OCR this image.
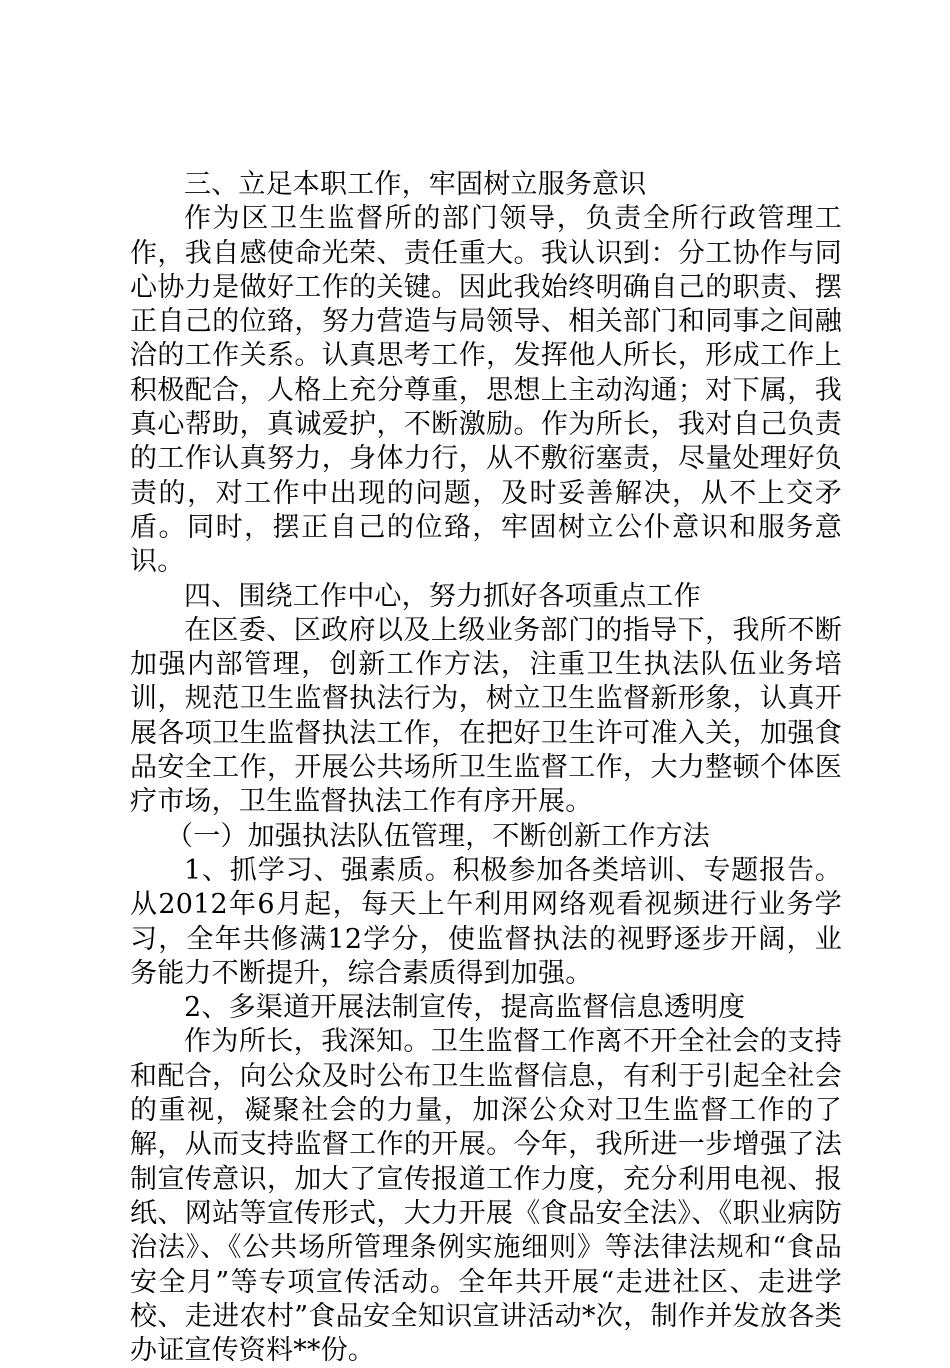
三、立足本职工作，牢固树立服务意识

作为区卫生监督所的部门领导，负责全所行政管理工作，我自感使命光荣、责任重大。我认识到：分工协作与同心协力是做好工作的关键。因此我始终明确自己的职责、摆正自己的位臵，努力营造与局领导、相关部门和同事之间融洽的工作关系。认真思考工作，发挥他人所长，形成工作上积极配合，人格上充分尊重，思想上主动沟通；对下属，我真心帮助，真诚爱护，不断激励。作为所长，我对自己负责的工作认真努力，身体力行，从不敷衍塞责，尽量处理好负责的，对工作中出现的问题，及时妥善解决，从不上交矛盾。同时，摆正自己的位臵，牢固树立公仆意识和服务意识。

四、围绕工作中心，努力抓好各项重点工作

在区委、区政府以及上级业务部门的指导下，我所不断加强内部管理，创新工作方法，注重卫生执法队伍业务培训，规范卫生监督执法行为，树立卫生监督新形象，认真开展各项卫生监督执法工作，在把好卫生许可准入关，加强食品安全工作，开展公共场所卫生监督工作，大力整顿个体医疗市场，卫生监督执法工作有序开展。

（一）加强执法队伍管理，不断创新工作方法

1、抓学习、强素质。积极参加各类培训、专题报告。从2012年6月起，每天上午利用网络观看视频进行业务学习，全年共修满12学分，使监督执法的视野逐步开阔，业务能力不断提升，综合素质得到加强。

2、多渠道开展法制宣传，提高监督信息透明度

作为所长，我深知。卫生监督工作离不开全社会的支持和配合，向公众及时公布卫生监督信息，有利于引起全社会的重视，凝聚社会的力量，加深公众对卫生监督工作的了解，从而支持监督工作的开展。今年，我所进一步增强了法制宣传意识，加大了宣传报道工作力度，充分利用电视、报纸、网站等宣传形式，大力开展《食品安全法》、《职业病防治法》、《公共场所管理条例实施细则》等法律法规和“食品安全月”等专项宣传活动。全年共开展“走进社区、走进学校、走进农村”食品安全知识宣讲活动*次，制作并发放各类办证宣传资料**份。
